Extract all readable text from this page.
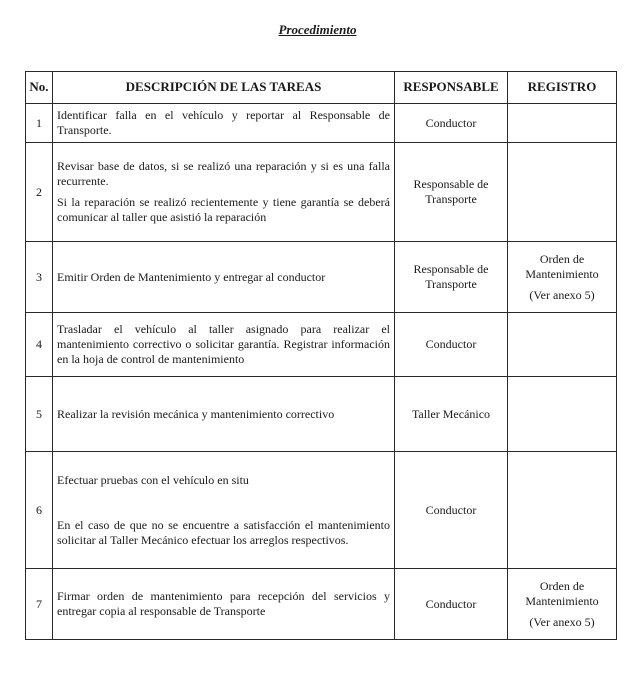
Procedimiento
No.	DESCRIPCIÓN DE LAS TAREAS	RESPONSABLE	REGISTRO
1	Identificar falla en el vehículo y reportar al Responsable de Transporte.	Conductor	
2	Revisar base de datos, si se realizó una reparación y si es una falla recurrente.
Si la reparación se realizó recientemente y tiene garantía se deberá comunicar al taller que asistió la reparación	Responsable de Transporte	
3	Emitir Orden de Mantenimiento y entregar al conductor	Responsable de Transporte	Orden de Mantenimiento
(Ver anexo 5)

4	Trasladar el vehículo al taller asignado para realizar el mantenimiento correctivo o solicitar garantía. Registrar información en la hoja de control de mantenimiento	Conductor	
5	Realizar la revisión mecánica y mantenimiento correctivo	Taller Mecánico	
6	Efectuar pruebas con el vehículo en situ
En el caso de que no se encuentre a satisfacción el mantenimiento solicitar al Taller Mecánico efectuar los arreglos respectivos.	Conductor	
7	Firmar orden de mantenimiento para recepción del servicios y entregar copia al responsable de Transporte	Conductor	Orden de Mantenimiento
(Ver anexo 5)
